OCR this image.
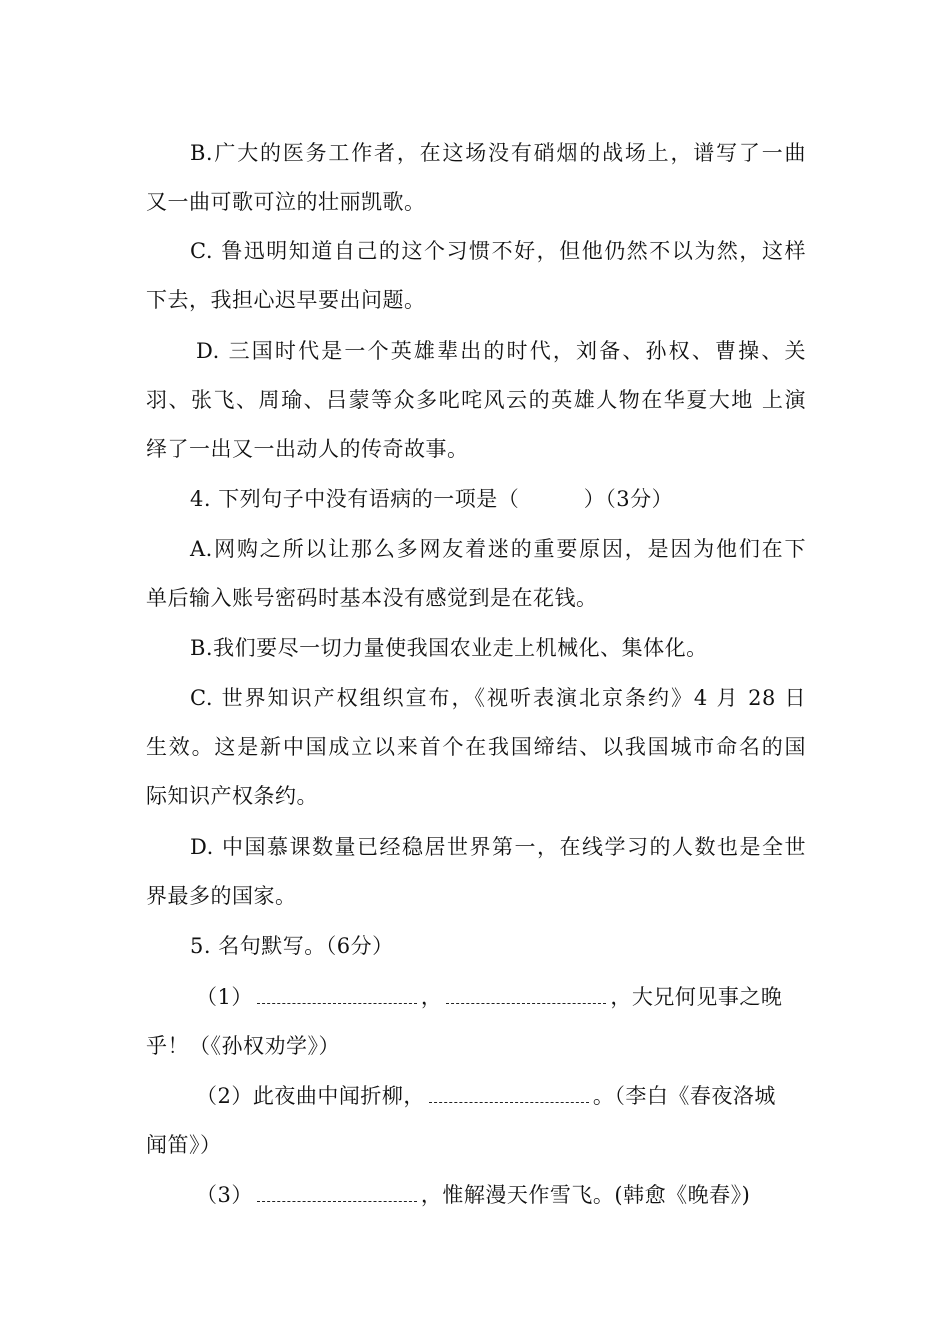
B.广大的医务工作者，在这场没有硝烟的战场上，谱写了一曲
又一曲可歌可泣的壮丽凯歌。
C. 鲁迅明知道自己的这个习惯不好，但他仍然不以为然，这样
下去，我担心迟早要出问题。
D. 三国时代是一个英雄辈出的时代，刘备、孙权、曹操、关
羽、张飞、周瑜、吕蒙等众多叱咤风云的英雄人物在华夏大地 上演
绎了一出又一出动人的传奇故事。
4. 下列句子中没有语病的一项是（　　　）（3分）
A.网购之所以让那么多网友着迷的重要原因，是因为他们在下
单后输入账号密码时基本没有感觉到是在花钱。
B.我们要尽一切力量使我国农业走上机械化、集体化。
C. 世界知识产权组织宣布，《视听表演北京条约》4 月 28 日
生效。这是新中国成立以来首个在我国缔结、以我国城市命名的国
际知识产权条约。
D. 中国慕课数量已经稳居世界第一，在线学习的人数也是全世
界最多的国家。
5. 名句默写。（6分）
（1）	，	，大兄何见事之晚
乎！（《孙权劝学》）
（2）此夜曲中闻折柳，	。（李白《春夜洛城
闻笛》）
（3）	，惟解漫天作雪飞。(韩愈《晚春》)
